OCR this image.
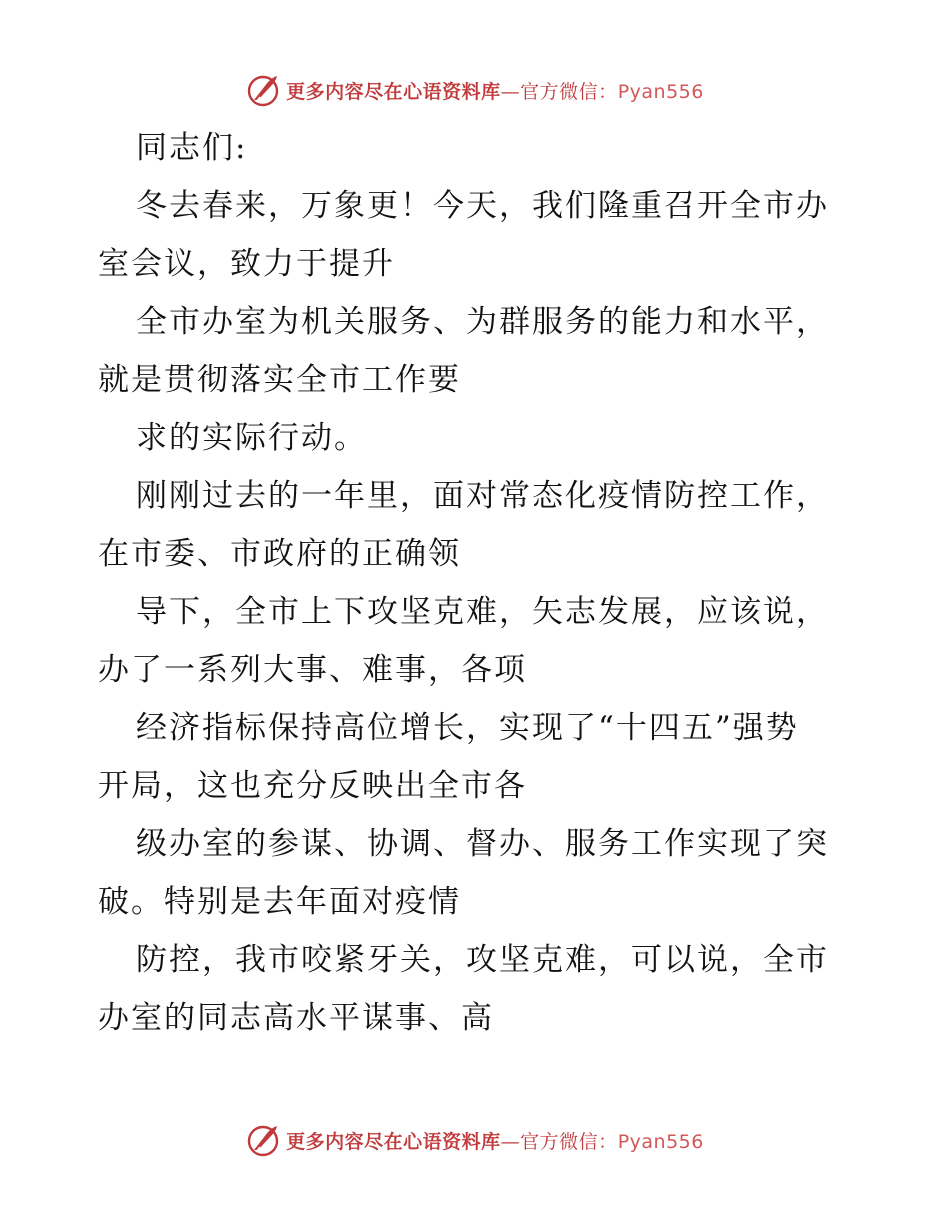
更多内容尽在心语资料库—官方微信：Pyan556
同志们:
冬去春来，万象更！今天，我们隆重召开全市办
室会议，致力于提升
全市办室为机关服务、为群服务的能力和水平，
就是贯彻落实全市工作要
求的实际行动。
刚刚过去的一年里，面对常态化疫情防控工作，
在市委、市政府的正确领
导下，全市上下攻坚克难，矢志发展，应该说，
办了一系列大事、难事，各项
经济指标保持高位增长，实现了“十四五”强势
开局，这也充分反映出全市各
级办室的参谋、协调、督办、服务工作实现了突
破。特别是去年面对疫情
防控，我市咬紧牙关，攻坚克难，可以说，全市
办室的同志高水平谋事、高
更多内容尽在心语资料库—官方微信：Pyan556
